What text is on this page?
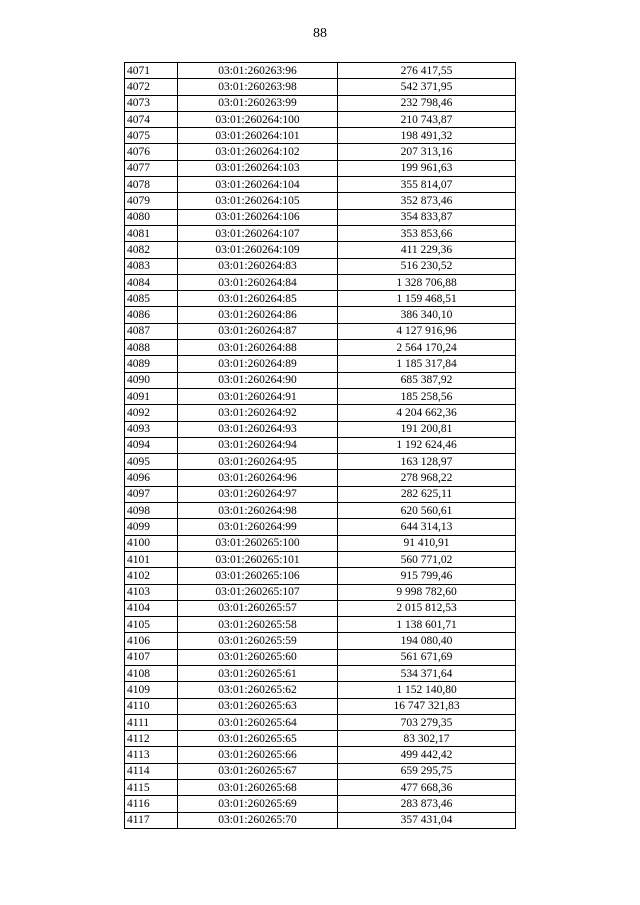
88
4071	03:01:260263:96	276 417,55
4072	03:01:260263:98	542 371,95
4073	03:01:260263:99	232 798,46
4074	03:01:260264:100	210 743,87
4075	03:01:260264:101	198 491,32
4076	03:01:260264:102	207 313,16
4077	03:01:260264:103	199 961,63
4078	03:01:260264:104	355 814,07
4079	03:01:260264:105	352 873,46
4080	03:01:260264:106	354 833,87
4081	03:01:260264:107	353 853,66
4082	03:01:260264:109	411 229,36
4083	03:01:260264:83	516 230,52
4084	03:01:260264:84	1 328 706,88
4085	03:01:260264:85	1 159 468,51
4086	03:01:260264:86	386 340,10
4087	03:01:260264:87	4 127 916,96
4088	03:01:260264:88	2 564 170,24
4089	03:01:260264:89	1 185 317,84
4090	03:01:260264:90	685 387,92
4091	03:01:260264:91	185 258,56
4092	03:01:260264:92	4 204 662,36
4093	03:01:260264:93	191 200,81
4094	03:01:260264:94	1 192 624,46
4095	03:01:260264:95	163 128,97
4096	03:01:260264:96	278 968,22
4097	03:01:260264:97	282 625,11
4098	03:01:260264:98	620 560,61
4099	03:01:260264:99	644 314,13
4100	03:01:260265:100	91 410,91
4101	03:01:260265:101	560 771,02
4102	03:01:260265:106	915 799,46
4103	03:01:260265:107	9 998 782,60
4104	03:01:260265:57	2 015 812,53
4105	03:01:260265:58	1 138 601,71
4106	03:01:260265:59	194 080,40
4107	03:01:260265:60	561 671,69
4108	03:01:260265:61	534 371,64
4109	03:01:260265:62	1 152 140,80
4110	03:01:260265:63	16 747 321,83
4111	03:01:260265:64	703 279,35
4112	03:01:260265:65	83 302,17
4113	03:01:260265:66	499 442,42
4114	03:01:260265:67	659 295,75
4115	03:01:260265:68	477 668,36
4116	03:01:260265:69	283 873,46
4117	03:01:260265:70	357 431,04
